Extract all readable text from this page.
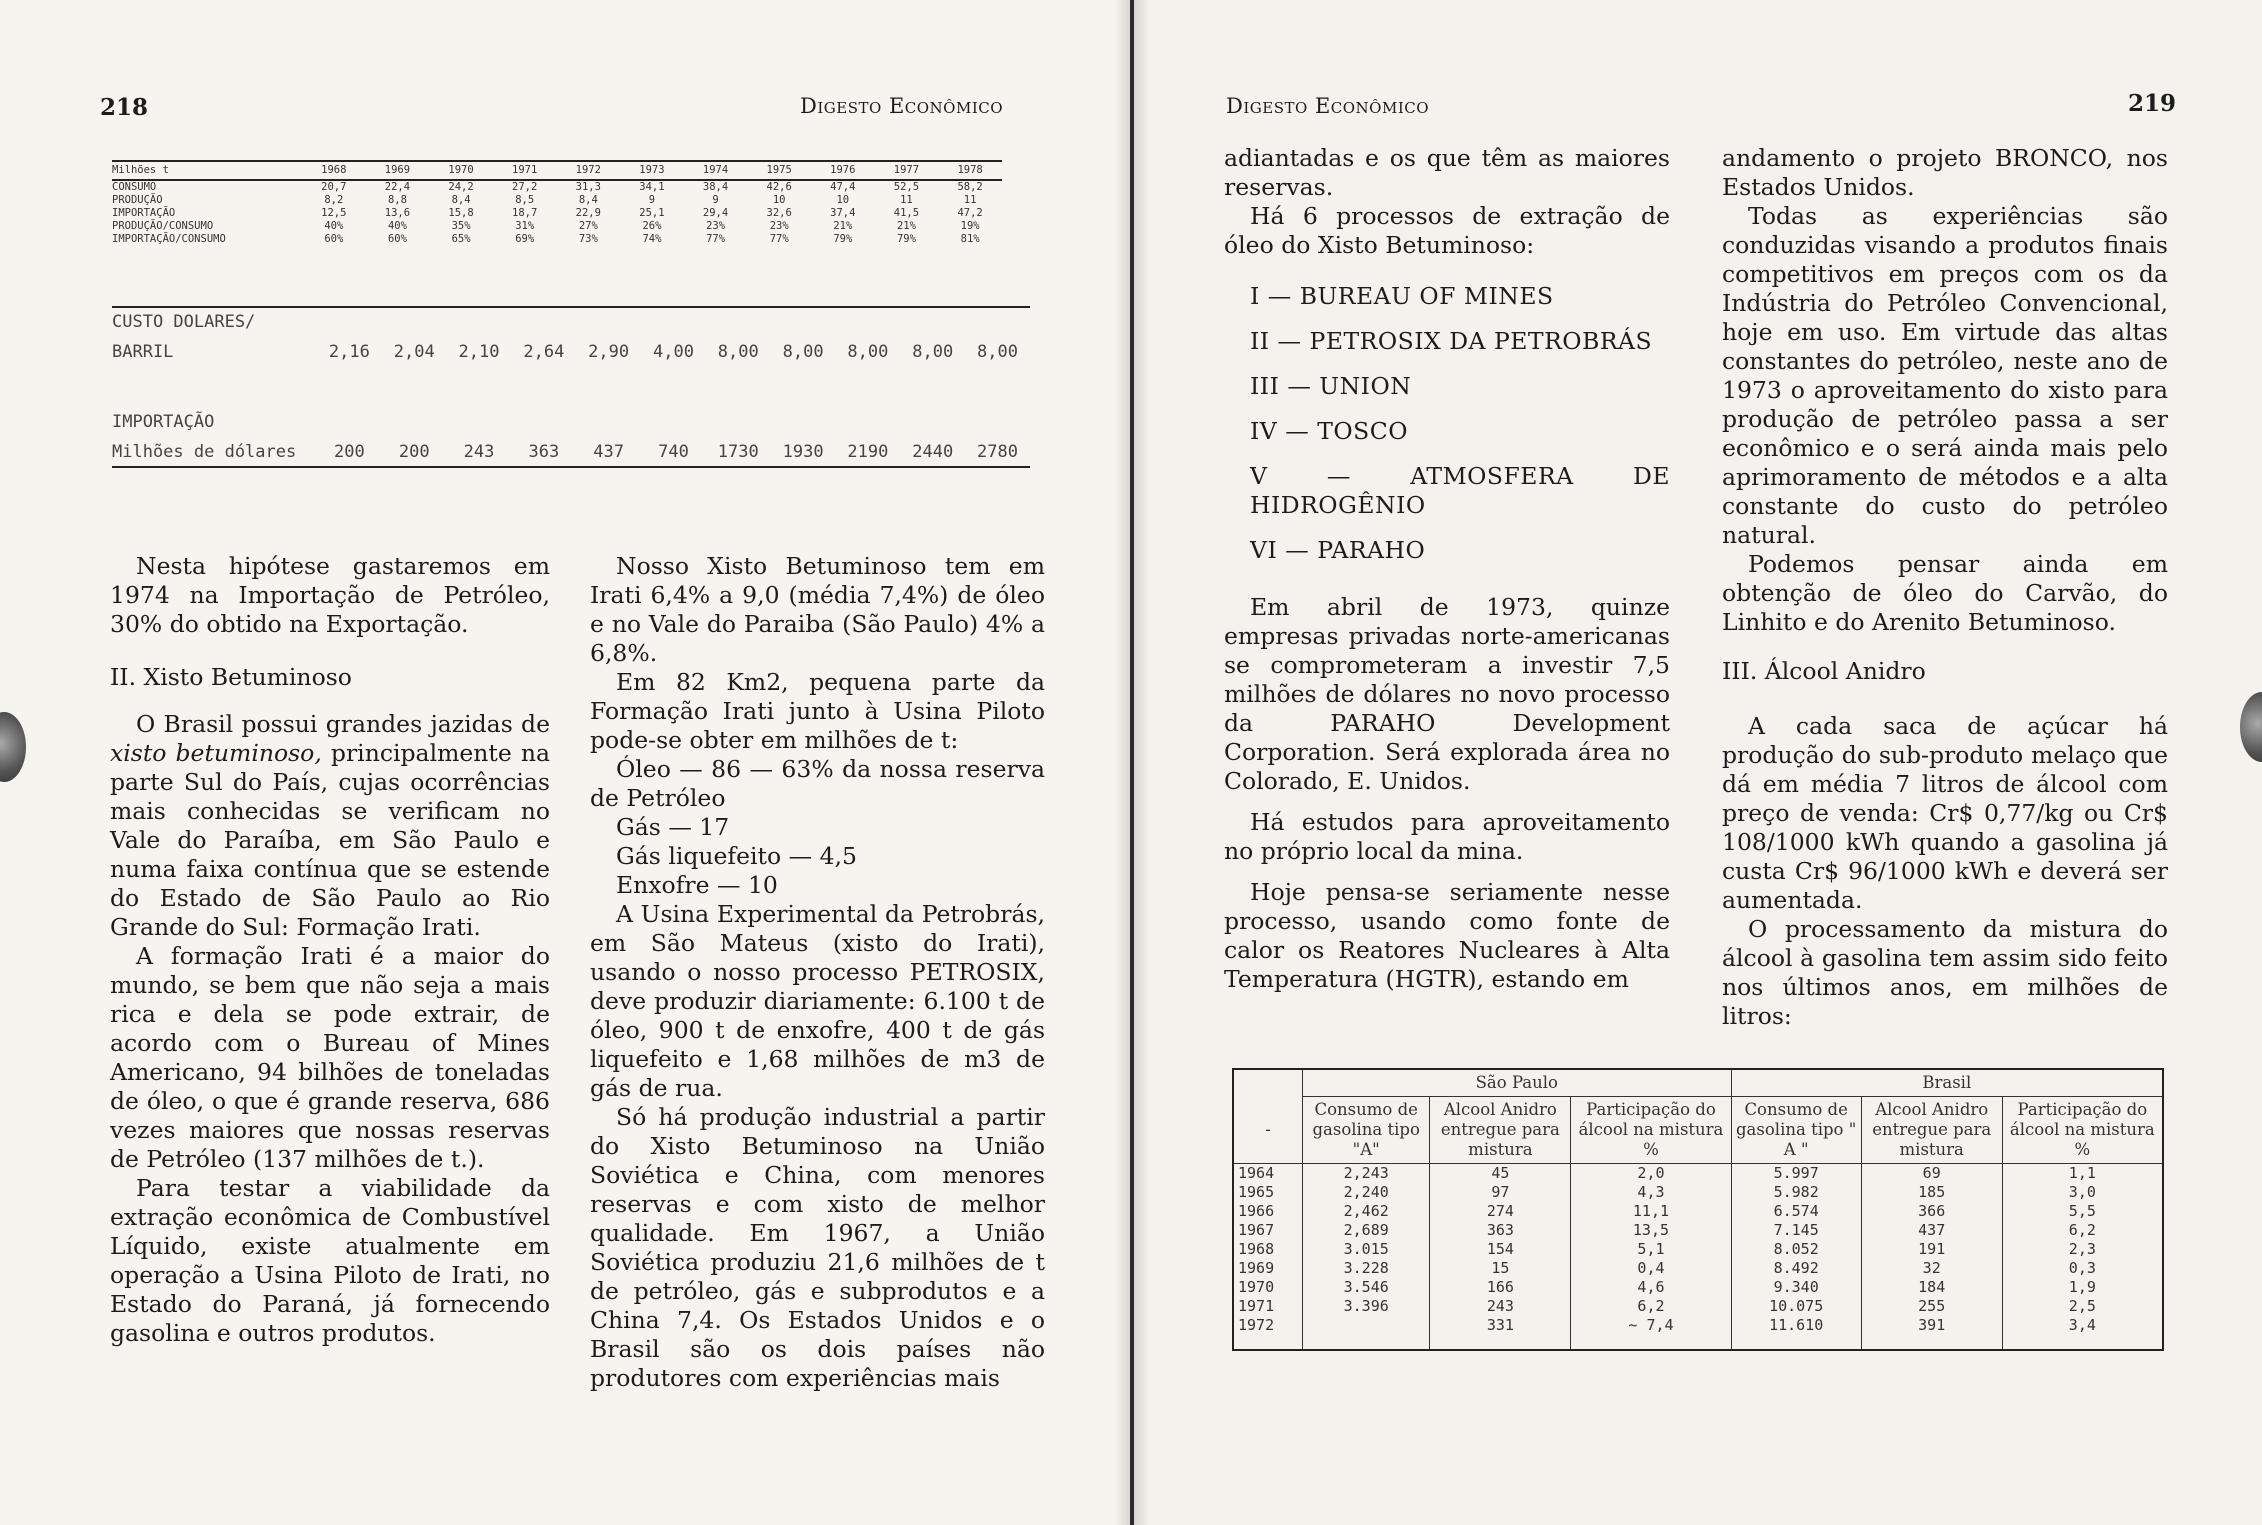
218	Digesto Econômico
Milhões t	1968	1969	1970	1971	1972	1973	1974	1975	1976	1977	1978
CONSUMO	20,7	22,4	24,2	27,2	31,3	34,1	38,4	42,6	47,4	52,5	58,2
PRODUÇÃO	8,2	8,8	8,4	8,5	8,4	9	9	10	10	11	11
IMPORTAÇÃO	12,5	13,6	15,8	18,7	22,9	25,1	29,4	32,6	37,4	41,5	47,2
PRODUÇÃO/CONSUMO	40%	40%	35%	31%	27%	26%	23%	23%	21%	21%	19%
IMPORTAÇÃO/CONSUMO	60%	60%	65%	69%	73%	74%	77%	77%	79%	79%	81%
CUSTO DOLARES/
BARRIL	2,16	2,04	2,10	2,64	2,90	4,00	8,00	8,00	8,00	8,00	8,00
IMPORTAÇÃO
Milhões de dólares	200	200	243	363	437	740	1730	1930	2190	2440	2780

Nesta hipótese gastaremos em 1974 na Importação de Petróleo, 30% do obtido na Exportação.

II. Xisto Betuminoso

O Brasil possui grandes jazidas de xisto betuminoso, principalmente na parte Sul do País, cujas ocorrências mais conhecidas se verificam no Vale do Paraíba, em São Paulo e numa faixa contínua que se estende do Estado de São Paulo ao Rio Grande do Sul: Formação Irati.

A formação Irati é a maior do mundo, se bem que não seja a mais rica e dela se pode extrair, de acordo com o Bureau of Mines Americano, 94 bilhões de toneladas de óleo, o que é grande reserva, 686 vezes maiores que nossas reservas de Petróleo (137 milhões de t.).

Para testar a viabilidade da extração econômica de Combustível Líquido, existe atualmente em operação a Usina Piloto de Irati, no Estado do Paraná, já fornecendo gasolina e outros produtos.

Nosso Xisto Betuminoso tem em Irati 6,4% a 9,0 (média 7,4%) de óleo e no Vale do Paraiba (São Paulo) 4% a 6,8%.

Em 82 Km2, pequena parte da Formação Irati junto à Usina Piloto pode-se obter em milhões de t:

Óleo — 86 — 63% da nossa reserva de Petróleo

Gás — 17

Gás liquefeito — 4,5

Enxofre — 10

A Usina Experimental da Petrobrás, em São Mateus (xisto do Irati), usando o nosso processo PETROSIX, deve produzir diariamente: 6.100 t de óleo, 900 t de enxofre, 400 t de gás liquefeito e 1,68 milhões de m3 de gás de rua.

Só há produção industrial a partir do Xisto Betuminoso na União Soviética e China, com menores reservas e com xisto de melhor qualidade. Em 1967, a União Soviética produziu 21,6 milhões de t de petróleo, gás e subprodutos e a China 7,4. Os Estados Unidos e o Brasil são os dois países não produtores com experiências mais

Digesto Econômico	219

adiantadas e os que têm as maiores reservas.

Há 6 processos de extração de óleo do Xisto Betuminoso:

I — BUREAU OF MINES

II — PETROSIX DA PETROBRÁS

III — UNION

IV — TOSCO

V — ATMOSFERA DE HIDROGÊNIO

VI — PARAHO

Em abril de 1973, quinze empresas privadas norte-americanas se comprometeram a investir 7,5 milhões de dólares no novo processo da PARAHO Development Corporation. Será explorada área no Colorado, E. Unidos.

Há estudos para aproveitamento no próprio local da mina.

Hoje pensa-se seriamente nesse processo, usando como fonte de calor os Reatores Nucleares à Alta Temperatura (HGTR), estando em

andamento o projeto BRONCO, nos Estados Unidos.

Todas as experiências são conduzidas visando a produtos finais competitivos em preços com os da Indústria do Petróleo Convencional, hoje em uso. Em virtude das altas constantes do petróleo, neste ano de 1973 o aproveitamento do xisto para produção de petróleo passa a ser econômico e o será ainda mais pelo aprimoramento de métodos e a alta constante do custo do petróleo natural.

Podemos pensar ainda em obtenção de óleo do Carvão, do Linhito e do Arenito Betuminoso.

III. Álcool Anidro

A cada saca de açúcar há produção do sub-produto melaço que dá em média 7 litros de álcool com preço de venda: Cr$ 0,77/kg ou Cr$ 108/1000 kWh quando a gasolina já custa Cr$ 96/1000 kWh e deverá ser aumentada.

O processamento da mistura do álcool à gasolina tem assim sido feito nos últimos anos, em milhões de litros:

	São Paulo			Brasil		
-	Consumo de gasolina tipo "A"	Alcool Anidro entregue para mistura	Participação do álcool na mistura %	Consumo de gasolina tipo " A "	Alcool Anidro entregue para mistura	Participação do álcool na mistura %
1964	2,243	45	2,0	5.997	69	1,1
1965	2,240	97	4,3	5.982	185	3,0
1966	2,462	274	11,1	6.574	366	5,5
1967	2,689	363	13,5	7.145	437	6,2
1968	3.015	154	5,1	8.052	191	2,3
1969	3.228	15	0,4	8.492	32	0,3
1970	3.546	166	4,6	9.340	184	1,9
1971	3.396	243	6,2	10.075	255	2,5
1972		331	~ 7,4	11.610	391	3,4
